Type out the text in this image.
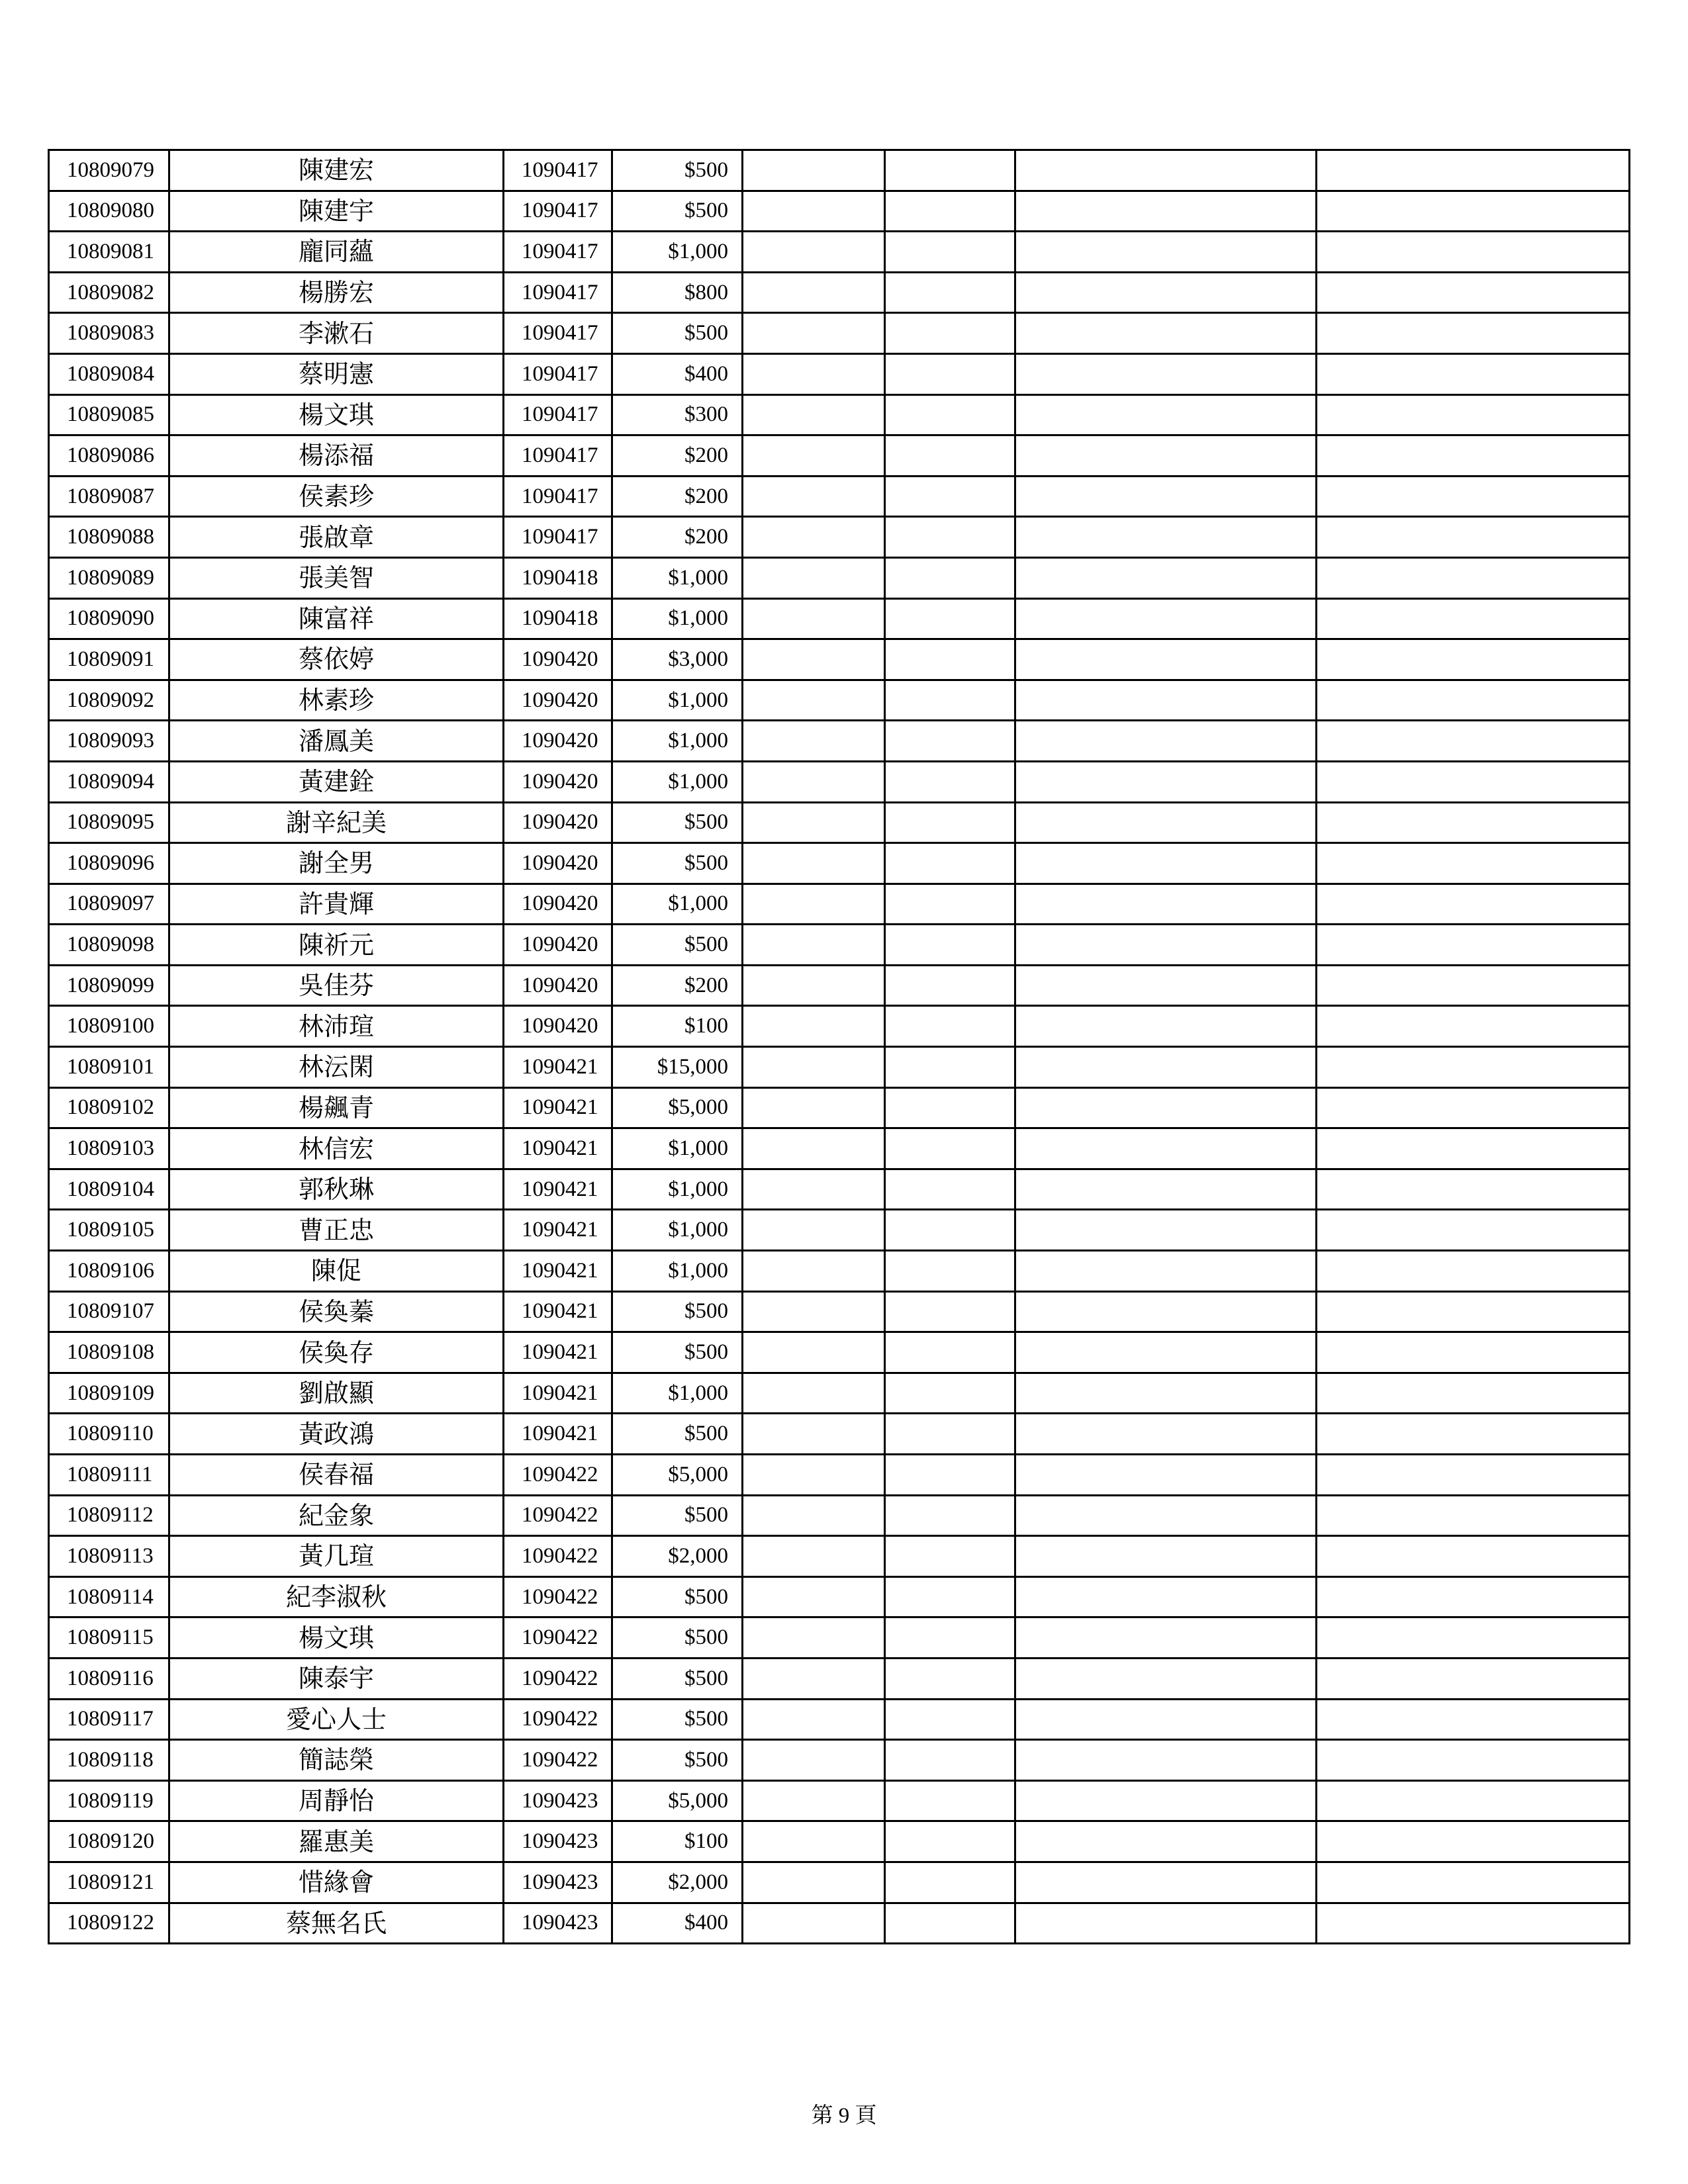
10809079	陳建宏	1090417	$500				
10809080	陳建宇	1090417	$500				
10809081	龐同蘊	1090417	$1,000				
10809082	楊勝宏	1090417	$800				
10809083	李漱石	1090417	$500				
10809084	蔡明憲	1090417	$400				
10809085	楊文琪	1090417	$300				
10809086	楊添福	1090417	$200				
10809087	侯素珍	1090417	$200				
10809088	張啟章	1090417	$200				
10809089	張美智	1090418	$1,000				
10809090	陳富祥	1090418	$1,000				
10809091	蔡依婷	1090420	$3,000				
10809092	林素珍	1090420	$1,000				
10809093	潘鳳美	1090420	$1,000				
10809094	黃建銓	1090420	$1,000				
10809095	謝辛紀美	1090420	$500				
10809096	謝全男	1090420	$500				
10809097	許貴輝	1090420	$1,000				
10809098	陳祈元	1090420	$500				
10809099	吳佳芬	1090420	$200				
10809100	林沛瑄	1090420	$100				
10809101	林沄閑	1090421	$15,000				
10809102	楊飆青	1090421	$5,000				
10809103	林信宏	1090421	$1,000				
10809104	郭秋琳	1090421	$1,000				
10809105	曹正忠	1090421	$1,000				
10809106	陳促	1090421	$1,000				
10809107	侯奐蓁	1090421	$500				
10809108	侯奐存	1090421	$500				
10809109	劉啟顯	1090421	$1,000				
10809110	黃政鴻	1090421	$500				
10809111	侯春福	1090422	$5,000				
10809112	紀金象	1090422	$500				
10809113	黃几瑄	1090422	$2,000				
10809114	紀李淑秋	1090422	$500				
10809115	楊文琪	1090422	$500				
10809116	陳泰宇	1090422	$500				
10809117	愛心人士	1090422	$500				
10809118	簡誌榮	1090422	$500				
10809119	周靜怡	1090423	$5,000				
10809120	羅惠美	1090423	$100				
10809121	惜緣會	1090423	$2,000				
10809122	蔡無名氏	1090423	$400				
第 9 頁
